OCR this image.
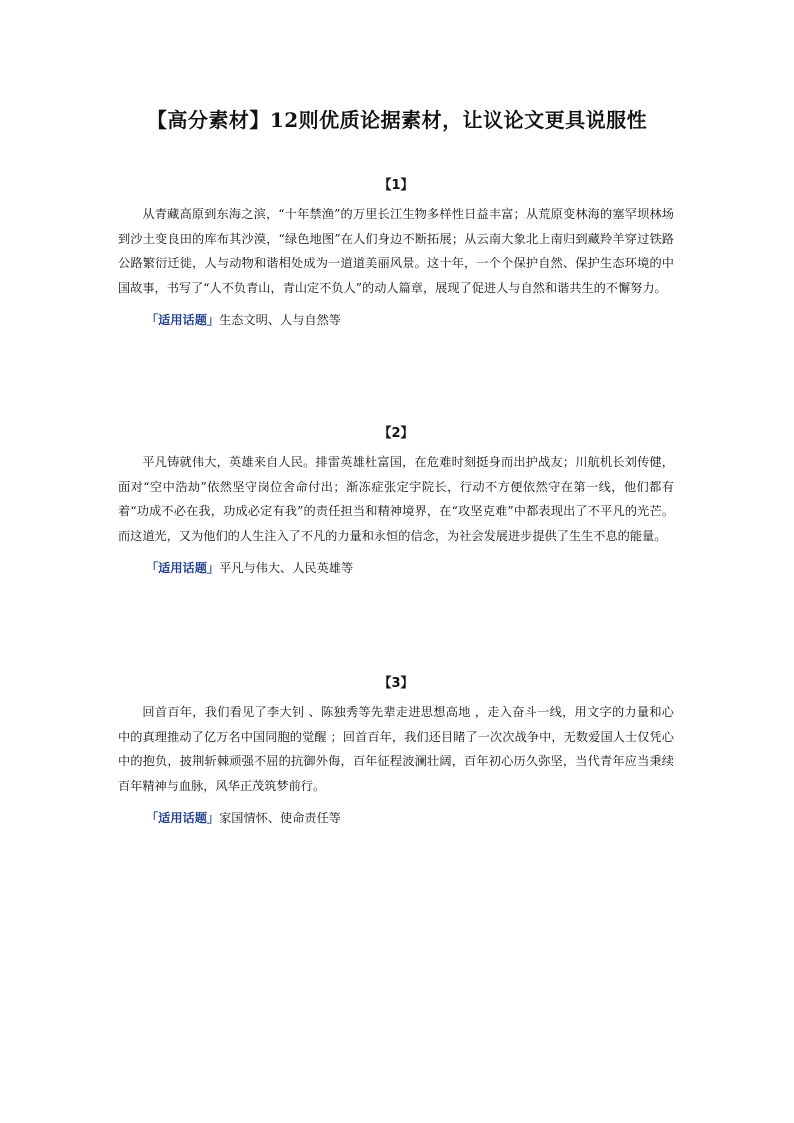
【高分素材】12则优质论据素材，让议论文更具说服性
【1】

从青藏高原到东海之滨，“十年禁渔”的万里长江生物多样性日益丰富；从荒原变林海的塞罕坝林场到沙土变良田的库布其沙漠，“绿色地图”在人们身边不断拓展；从云南大象北上南归到藏羚羊穿过铁路公路繁衍迁徙，人与动物和谐相处成为一道道美丽风景。这十年，一个个保护自然、保护生态环境的中国故事，书写了“人不负青山，青山定不负人”的动人篇章，展现了促进人与自然和谐共生的不懈努力。

「适用话题」生态文明、人与自然等
【2】

平凡铸就伟大，英雄来自人民。排雷英雄杜富国，在危难时刻挺身而出护战友；川航机长刘传健，面对“空中浩劫”依然坚守岗位舍命付出；渐冻症张定宇院长，行动不方便依然守在第一线，他们都有着“功成不必在我，功成必定有我”的责任担当和精神境界，在“攻坚克难”中都表现出了不平凡的光芒。而这道光，又为他们的人生注入了不凡的力量和永恒的信念，为社会发展进步提供了生生不息的能量。

「适用话题」平凡与伟大、人民英雄等
【3】

回首百年，我们看见了李大钊 、陈独秀等先辈走进思想高地 ，走入奋斗一线，用文字的力量和心中的真理推动了亿万名中国同胞的觉醒 ；回首百年，我们还目睹了一次次战争中，无数爱国人士仅凭心中的抱负，披荆斩棘顽强不屈的抗御外侮，百年征程波澜壮阔，百年初心历久弥坚，当代青年应当秉续百年精神与血脉，风华正茂筑梦前行。

「适用话题」家国情怀、使命责任等
